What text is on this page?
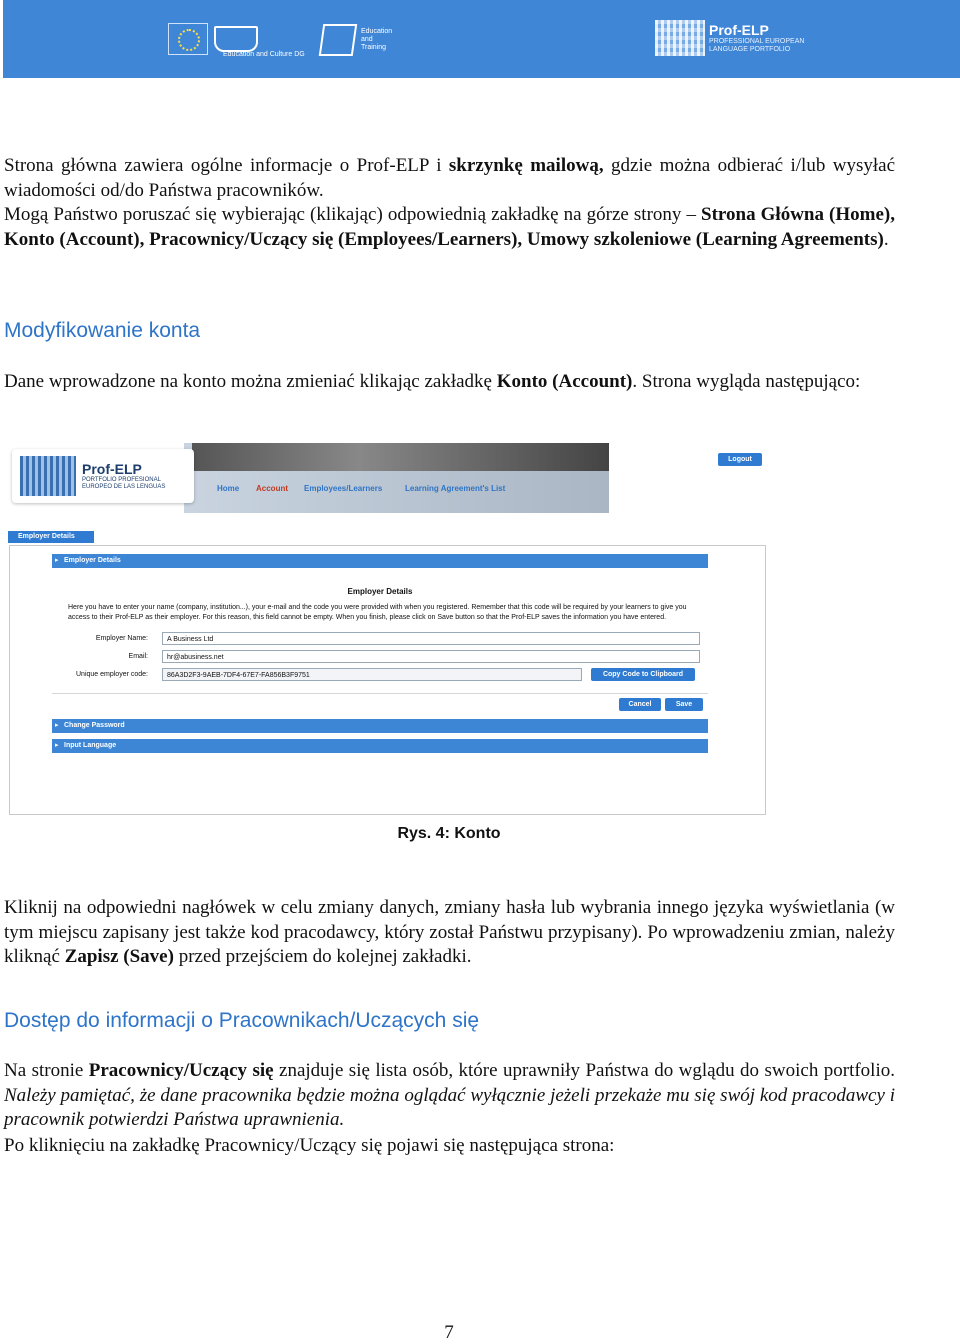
Education and Culture DG
Education
and
Training
Prof-ELP
PROFESSIONAL EUROPEAN
LANGUAGE PORTFOLIO
Strona główna zawiera ogólne informacje o Prof-ELP i skrzynkę mailową, gdzie można odbierać i/lub wysyłać wiadomości od/do Państwa pracowników.
Mogą Państwo poruszać się wybierając (klikając) odpowiednią zakładkę na górze strony – Strona Główna (Home), Konto (Account), Pracownicy/Uczący się (Employees/Learners), Umowy szkoleniowe (Learning Agreements).
Modyfikowanie konta
Dane wprowadzone na konto można zmieniać klikając zakładkę Konto (Account). Strona wygląda następująco:
Prof-ELP
PORTFOLIO PROFESIONAL
EUROPEO DE LAS LENGUAS	Home Account Employees/Learners	Learning Agreement's List
Logout
Employer Details
▸ Employer Details
Employer Details
Here you have to enter your name (company, institution...), your e-mail and the code you were provided with when you registered. Remember that this code will be required by your learners to give you access to their Prof-ELP as their employer. For this reason, this field cannot be empty. When you finish, please click on Save button so that the Prof-ELP saves the information you have entered.
Employer Name:	A Business Ltd
Email:	hr@abusiness.net
Unique employer code:	86A3D2F3-9AEB-7DF4-67E7-FA856B3F9751	Copy Code to Clipboard
Cancel	Save
▸ Change Password
▸ Input Language
Rys. 4: Konto
Kliknij na odpowiedni nagłówek w celu zmiany danych, zmiany hasła lub wybrania innego języka wyświetlania (w tym miejscu zapisany jest także kod pracodawcy, który został Państwu przypisany). Po wprowadzeniu zmian, należy kliknąć Zapisz (Save) przed przejściem do kolejnej zakładki.
Dostęp do informacji o Pracownikach/Uczących się
Na stronie Pracownicy/Uczący się znajduje się lista osób, które uprawniły Państwa do wglądu do swoich portfolio. Należy pamiętać, że dane pracownika będzie można oglądać wyłącznie jeżeli przekaże mu się swój kod pracodawcy i pracownik potwierdzi Państwa uprawnienia.
Po kliknięciu na zakładkę Pracownicy/Uczący się pojawi się następująca strona:
7
